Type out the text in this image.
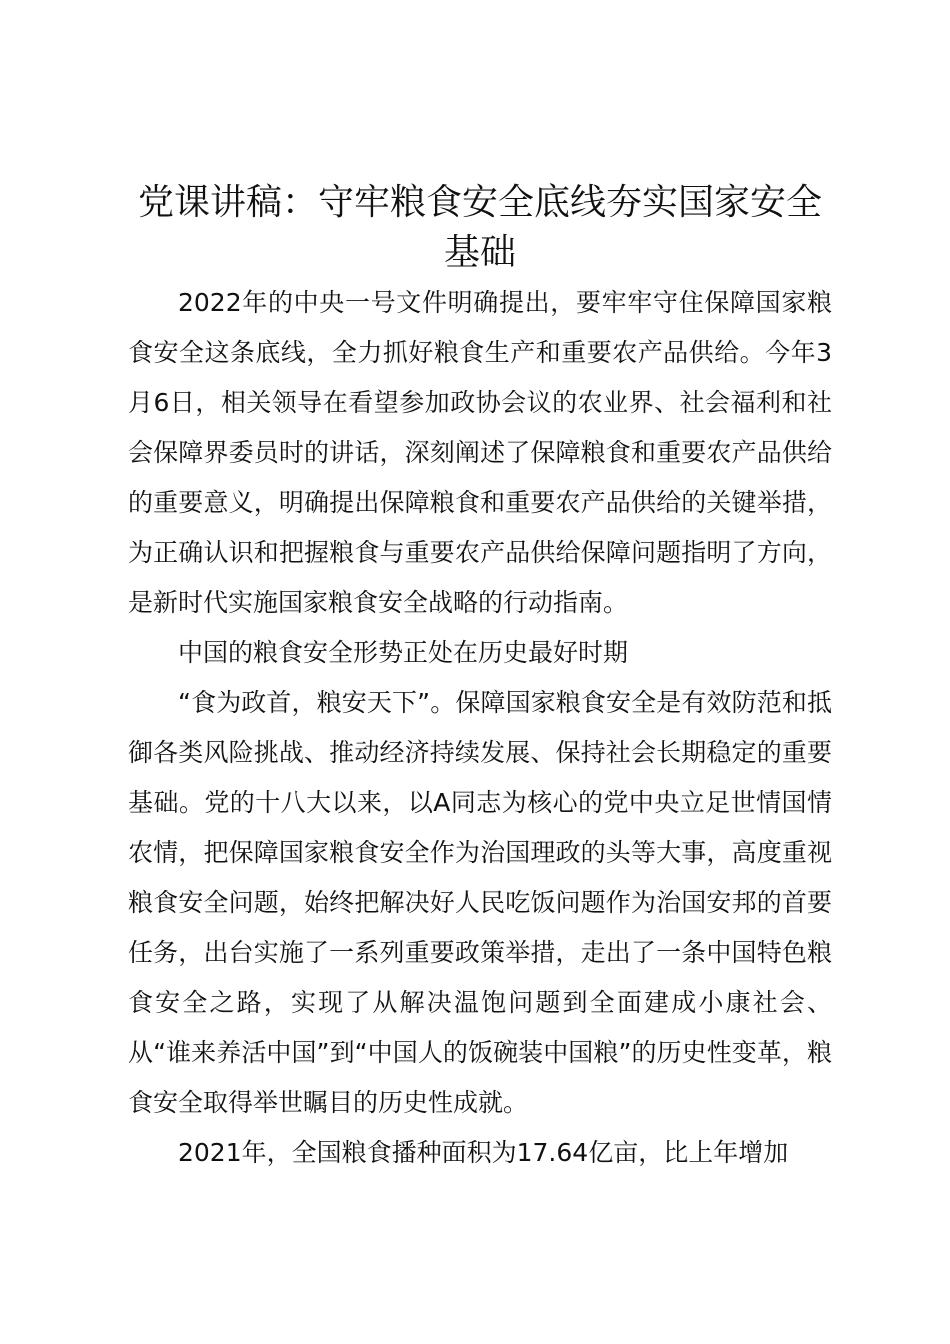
党课讲稿：守牢粮食安全底线夯实国家安全基础

2022年的中央一号文件明确提出，要牢牢守住保障国家粮食安全这条底线，全力抓好粮食生产和重要农产品供给。今年3月6日，相关领导在看望参加政协会议的农业界、社会福利和社会保障界委员时的讲话，深刻阐述了保障粮食和重要农产品供给的重要意义，明确提出保障粮食和重要农产品供给的关键举措，为正确认识和把握粮食与重要农产品供给保障问题指明了方向，是新时代实施国家粮食安全战略的行动指南。

中国的粮食安全形势正处在历史最好时期

“食为政首，粮安天下”。保障国家粮食安全是有效防范和抵御各类风险挑战、推动经济持续发展、保持社会长期稳定的重要基础。党的十八大以来，以A同志为核心的党中央立足世情国情农情，把保障国家粮食安全作为治国理政的头等大事，高度重视粮食安全问题，始终把解决好人民吃饭问题作为治国安邦的首要任务，出台实施了一系列重要政策举措，走出了一条中国特色粮食安全之路，实现了从解决温饱问题到全面建成小康社会、从“谁来养活中国”到“中国人的饭碗装中国粮”的历史性变革，粮食安全取得举世瞩目的历史性成就。

2021年，全国粮食播种面积为17.64亿亩，比上年增加
